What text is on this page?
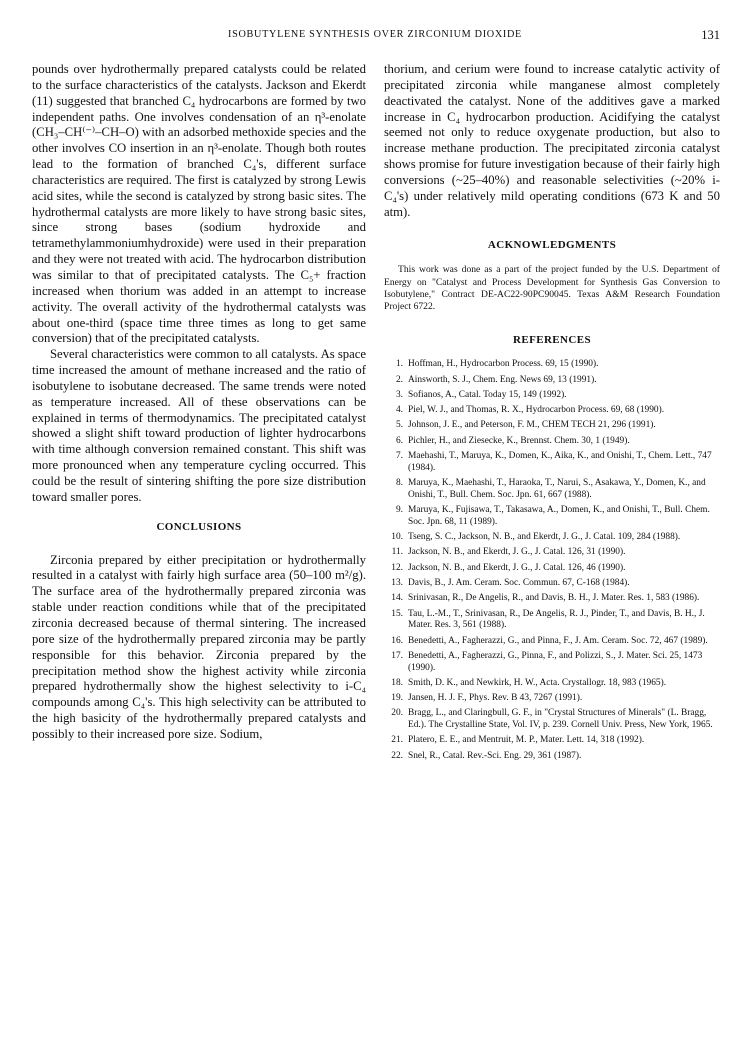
ISOBUTYLENE SYNTHESIS OVER ZIRCONIUM DIOXIDE	131

pounds over hydrothermally prepared catalysts could be related to the surface characteristics of the catalysts. Jackson and Ekerdt (11) suggested that branched C₄ hydrocarbons are formed by two independent paths. One involves condensation of an η³-enolate (CH₃–CH⁽⁻⁾–CH–O) with an adsorbed methoxide species and the other involves CO insertion in an η³-enolate. Though both routes lead to the formation of branched C₄'s, different surface characteristics are required. The first is catalyzed by strong Lewis acid sites, while the second is catalyzed by strong basic sites. The hydrothermal catalysts are more likely to have strong basic sites, since strong bases (sodium hydroxide and tetramethylammoniumhydroxide) were used in their preparation and they were not treated with acid. The hydrocarbon distribution was similar to that of precipitated catalysts. The C₅+ fraction increased when thorium was added in an attempt to increase activity. The overall activity of the hydrothermal catalysts was about one-third (space time three times as long to get same conversion) that of the precipitated catalysts.

Several characteristics were common to all catalysts. As space time increased the amount of methane increased and the ratio of isobutylene to isobutane decreased. The same trends were noted as temperature increased. All of these observations can be explained in terms of thermodynamics. The precipitated catalyst showed a slight shift toward production of lighter hydrocarbons with time although conversion remained constant. This shift was more pronounced when any temperature cycling occurred. This could be the result of sintering shifting the pore size distribution toward smaller pores.

CONCLUSIONS

Zirconia prepared by either precipitation or hydrothermally resulted in a catalyst with fairly high surface area (50–100 m²/g). The surface area of the hydrothermally prepared zirconia was stable under reaction conditions while that of the precipitated zirconia decreased because of thermal sintering. The increased pore size of the hydrothermally prepared zirconia may be partly responsible for this behavior. Zirconia prepared by the precipitation method show the highest activity while zirconia prepared hydrothermally show the highest selectivity to i-C₄ compounds among C₄'s. This high selectivity can be attributed to the high basicity of the hydrothermally prepared catalysts and possibly to their increased pore size. Sodium,

thorium, and cerium were found to increase catalytic activity of precipitated zirconia while manganese almost completely deactivated the catalyst. None of the additives gave a marked increase in C₄ hydrocarbon production. Acidifying the catalyst seemed not only to reduce oxygenate production, but also to increase methane production. The precipitated zirconia catalyst shows promise for future investigation because of their fairly high conversions (~25–40%) and reasonable selectivities (~20% i-C₄'s) under relatively mild operating conditions (673 K and 50 atm).

ACKNOWLEDGMENTS

This work was done as a part of the project funded by the U.S. Department of Energy on "Catalyst and Process Development for Synthesis Gas Conversion to Isobutylene," Contract DE-AC22-90PC90045. Texas A&M Research Foundation Project 6722.

REFERENCES
1. Hoffman, H., Hydrocarbon Process. 69, 15 (1990).
2. Ainsworth, S. J., Chem. Eng. News 69, 13 (1991).
3. Sofianos, A., Catal. Today 15, 149 (1992).
4. Piel, W. J., and Thomas, R. X., Hydrocarbon Process. 69, 68 (1990).
5. Johnson, J. E., and Peterson, F. M., CHEM TECH 21, 296 (1991).
6. Pichler, H., and Ziesecke, K., Brennst. Chem. 30, 1 (1949).
7. Maehashi, T., Maruya, K., Domen, K., Aika, K., and Onishi, T., Chem. Lett., 747 (1984).
8. Maruya, K., Maehashi, T., Haraoka, T., Narui, S., Asakawa, Y., Domen, K., and Onishi, T., Bull. Chem. Soc. Jpn. 61, 667 (1988).
9. Maruya, K., Fujisawa, T., Takasawa, A., Domen, K., and Onishi, T., Bull. Chem. Soc. Jpn. 68, 11 (1989).
10. Tseng, S. C., Jackson, N. B., and Ekerdt, J. G., J. Catal. 109, 284 (1988).
11. Jackson, N. B., and Ekerdt, J. G., J. Catal. 126, 31 (1990).
12. Jackson, N. B., and Ekerdt, J. G., J. Catal. 126, 46 (1990).
13. Davis, B., J. Am. Ceram. Soc. Commun. 67, C-168 (1984).
14. Srinivasan, R., De Angelis, R., and Davis, B. H., J. Mater. Res. 1, 583 (1986).
15. Tau, L.-M., T., Srinivasan, R., De Angelis, R. J., Pinder, T., and Davis, B. H., J. Mater. Res. 3, 561 (1988).
16. Benedetti, A., Fagherazzi, G., and Pinna, F., J. Am. Ceram. Soc. 72, 467 (1989).
17. Benedetti, A., Fagherazzi, G., Pinna, F., and Polizzi, S., J. Mater. Sci. 25, 1473 (1990).
18. Smith, D. K., and Newkirk, H. W., Acta. Crystallogr. 18, 983 (1965).
19. Jansen, H. J. F., Phys. Rev. B 43, 7267 (1991).
20. Bragg, L., and Claringbull, G. F., in "Crystal Structures of Minerals" (L. Bragg, Ed.). The Crystalline State, Vol. IV, p. 239. Cornell Univ. Press, New York, 1965.
21. Platero, E. E., and Mentruit, M. P., Mater. Lett. 14, 318 (1992).
22. Snel, R., Catal. Rev.-Sci. Eng. 29, 361 (1987).
